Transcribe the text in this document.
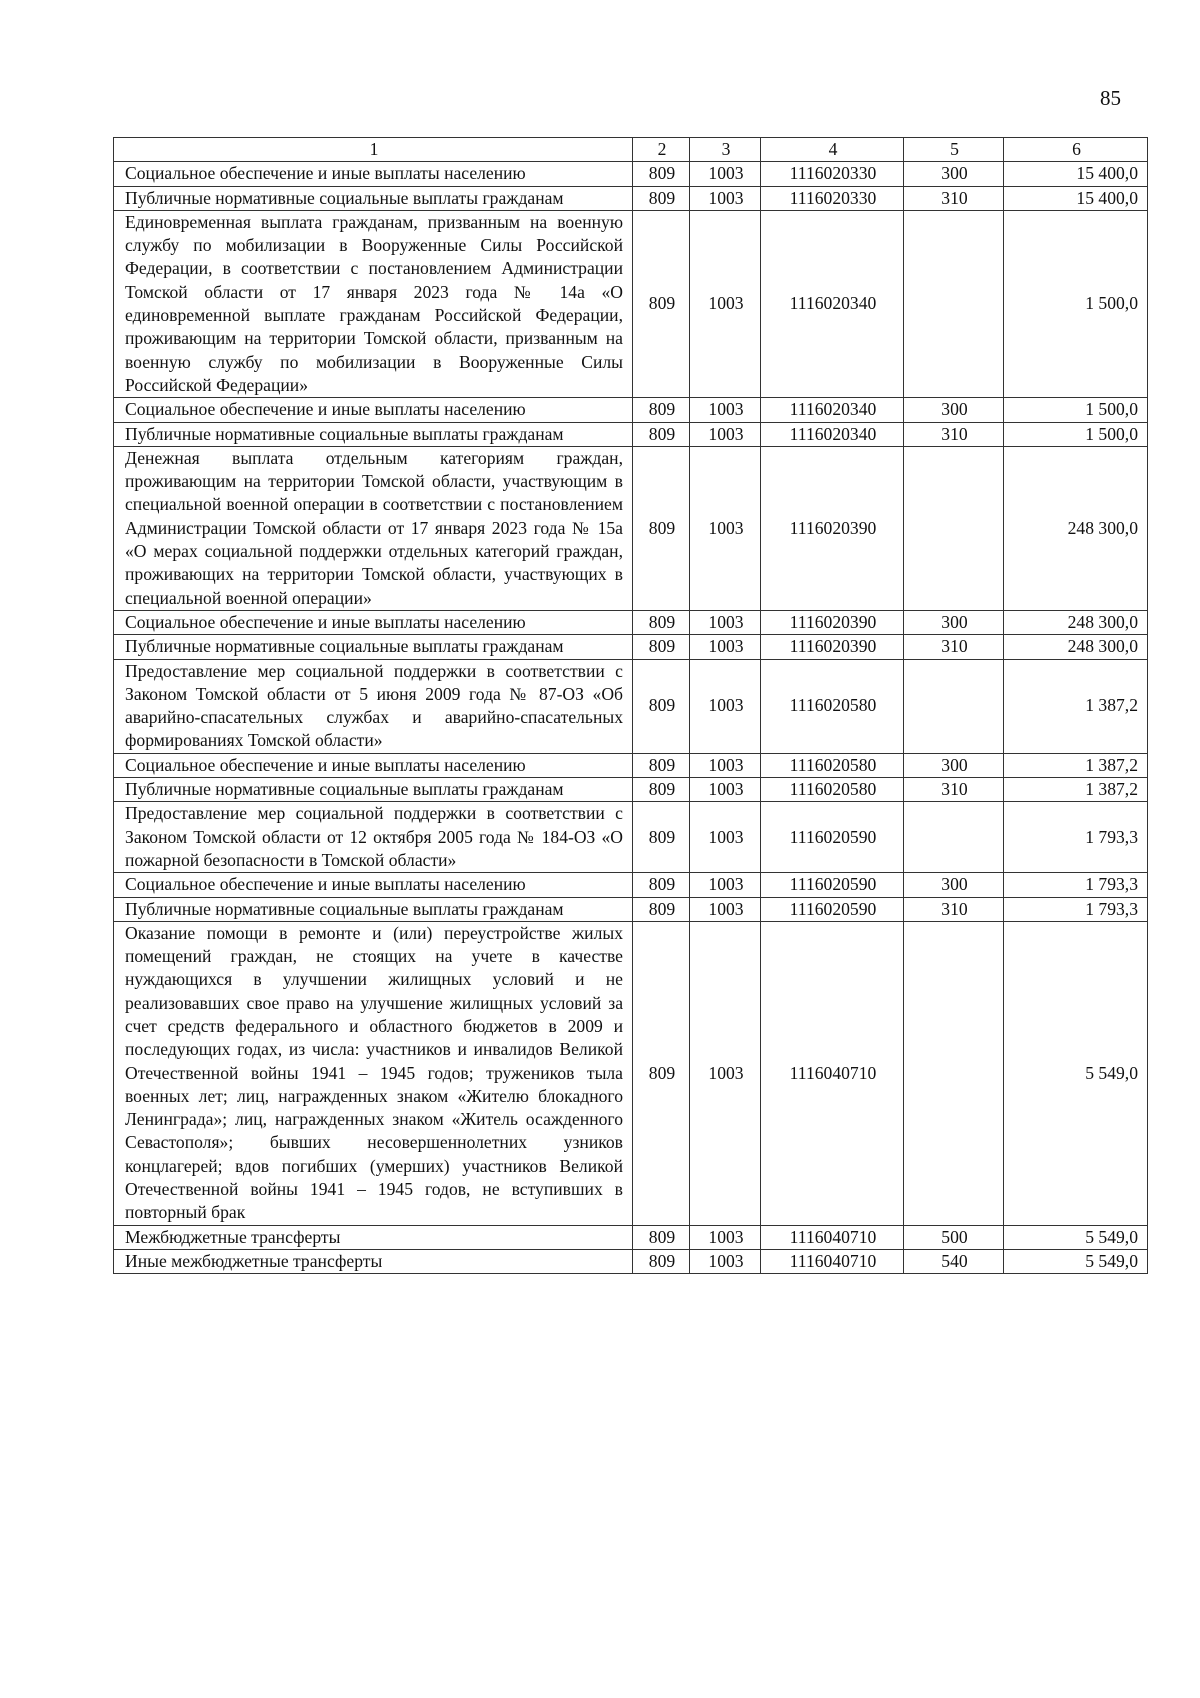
85
1	2	3	4	5	6
Социальное обеспечение и иные выплаты населению	809	1003	1116020330	300	15 400,0
Публичные нормативные социальные выплаты гражданам	809	1003	1116020330	310	15 400,0
Единовременная выплата гражданам, призванным на военную службу по мобилизации в Вооруженные Силы Российской Федерации, в соответствии с постановлением Администрации Томской области от 17 января 2023 года № 14а «О единовременной выплате гражданам Российской Федерации, проживающим на территории Томской области, призванным на военную службу по мобилизации в Вооруженные Силы Российской Федерации»	809	1003	1116020340		1 500,0
Социальное обеспечение и иные выплаты населению	809	1003	1116020340	300	1 500,0
Публичные нормативные социальные выплаты гражданам	809	1003	1116020340	310	1 500,0
Денежная выплата отдельным категориям граждан, проживающим на территории Томской области, участвующим в специальной военной операции в соответствии с постановлением Администрации Томской области от 17 января 2023 года № 15а «О мерах социальной поддержки отдельных категорий граждан, проживающих на территории Томской области, участвующих в специальной военной операции»	809	1003	1116020390		248 300,0
Социальное обеспечение и иные выплаты населению	809	1003	1116020390	300	248 300,0
Публичные нормативные социальные выплаты гражданам	809	1003	1116020390	310	248 300,0
Предоставление мер социальной поддержки в соответствии с Законом Томской области от 5 июня 2009 года № 87-ОЗ «Об аварийно-спасательных службах и аварийно-спасательных формированиях Томской области»	809	1003	1116020580		1 387,2
Социальное обеспечение и иные выплаты населению	809	1003	1116020580	300	1 387,2
Публичные нормативные социальные выплаты гражданам	809	1003	1116020580	310	1 387,2
Предоставление мер социальной поддержки в соответствии с Законом Томской области от 12 октября 2005 года № 184-ОЗ «О пожарной безопасности в Томской области»	809	1003	1116020590		1 793,3
Социальное обеспечение и иные выплаты населению	809	1003	1116020590	300	1 793,3
Публичные нормативные социальные выплаты гражданам	809	1003	1116020590	310	1 793,3
Оказание помощи в ремонте и (или) переустройстве жилых помещений граждан, не стоящих на учете в качестве нуждающихся в улучшении жилищных условий и не реализовавших свое право на улучшение жилищных условий за счет средств федерального и областного бюджетов в 2009 и последующих годах, из числа: участников и инвалидов Великой Отечественной войны 1941 – 1945 годов; тружеников тыла военных лет; лиц, награжденных знаком «Жителю блокадного Ленинграда»; лиц, награжденных знаком «Житель осажденного Севастополя»; бывших несовершеннолетних узников концлагерей; вдов погибших (умерших) участников Великой Отечественной войны 1941 – 1945 годов, не вступивших в повторный брак	809	1003	1116040710		5 549,0
Межбюджетные трансферты	809	1003	1116040710	500	5 549,0
Иные межбюджетные трансферты	809	1003	1116040710	540	5 549,0
